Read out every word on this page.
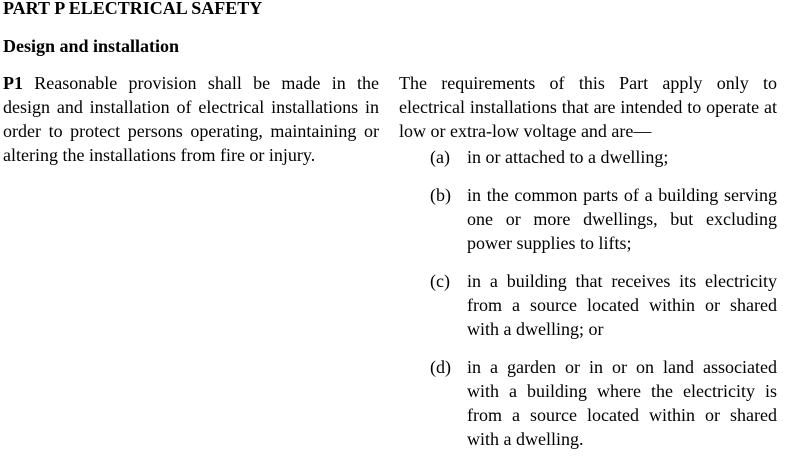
PART P ELECTRICAL SAFETY
Design and installation
P1 Reasonable provision shall be made in the design and installation of electrical installations in order to protect persons operating, maintaining or altering the installations from fire or injury.

The requirements of this Part apply only to electrical installations that are intended to operate at low or extra-low voltage and are—

(a) in or attached to a dwelling;
(b) in the common parts of a building serving one or more dwellings, but excluding power supplies to lifts;
(c) in a building that receives its electricity from a source located within or shared with a dwelling; or
(d) in a garden or in or on land associated with a building where the electricity is from a source located within or shared with a dwelling.
